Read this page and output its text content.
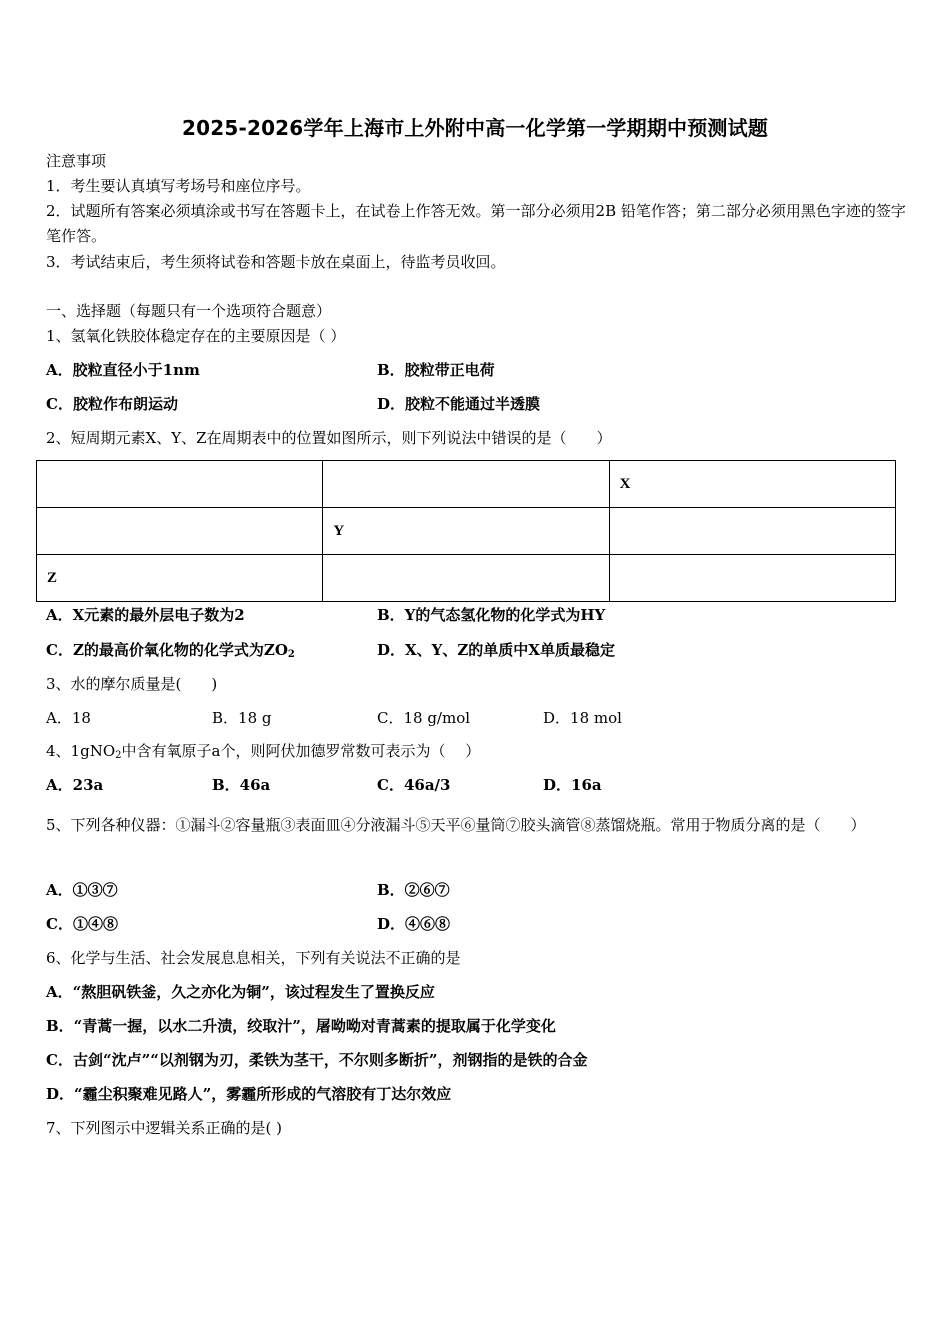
2025-2026学年上海市上外附中高一化学第一学期期中预测试题
注意事项
1．考生要认真填写考场号和座位序号。
2．试题所有答案必须填涂或书写在答题卡上，在试卷上作答无效。第一部分必须用2B 铅笔作答；第二部分必须用黑色字迹的签字笔作答。
3．考试结束后，考生须将试卷和答题卡放在桌面上，待监考员收回。
一、选择题（每题只有一个选项符合题意）
1、氢氧化铁胶体稳定存在的主要原因是（ ）
A．胶粒直径小于1nm	B．胶粒带正电荷
C．胶粒作布朗运动	D．胶粒不能通过半透膜
2、短周期元素X、Y、Z在周期表中的位置如图所示，则下列说法中错误的是（　　）
		X
	Y	
Z		
A．X元素的最外层电子数为2	B．Y的气态氢化物的化学式为HY
C．Z的最高价氧化物的化学式为$ZO_2$	D．X、Y、Z的单质中X单质最稳定
3、水的摩尔质量是(　　)
A．18	B．18 g	C．18 g/mol	D．18 mol
4、1gNO$_2$中含有氧原子a个，则阿伏加德罗常数可表示为（　 ）
A．23a	B．46a	C．46a/3	D．16a
5、下列各种仪器：①漏斗②容量瓶③表面皿④分液漏斗⑤天平⑥量筒⑦胶头滴管⑧蒸馏烧瓶。常用于物质分离的是（　　）
A．①③⑦	B．②⑥⑦
C．①④⑧	D．④⑥⑧
6、化学与生活、社会发展息息相关，下列有关说法不正确的是
A．“熬胆矾铁釜，久之亦化为铜”，该过程发生了置换反应
B．“青蒿一握，以水二升渍，绞取汁”，屠呦呦对青蒿素的提取属于化学变化
C．古剑“沈卢”“以剂钢为刃，柔铁为茎干，不尔则多断折”，剂钢指的是铁的合金
D．“霾尘积聚难见路人”，雾霾所形成的气溶胶有丁达尔效应
7、下列图示中逻辑关系正确的是( )
